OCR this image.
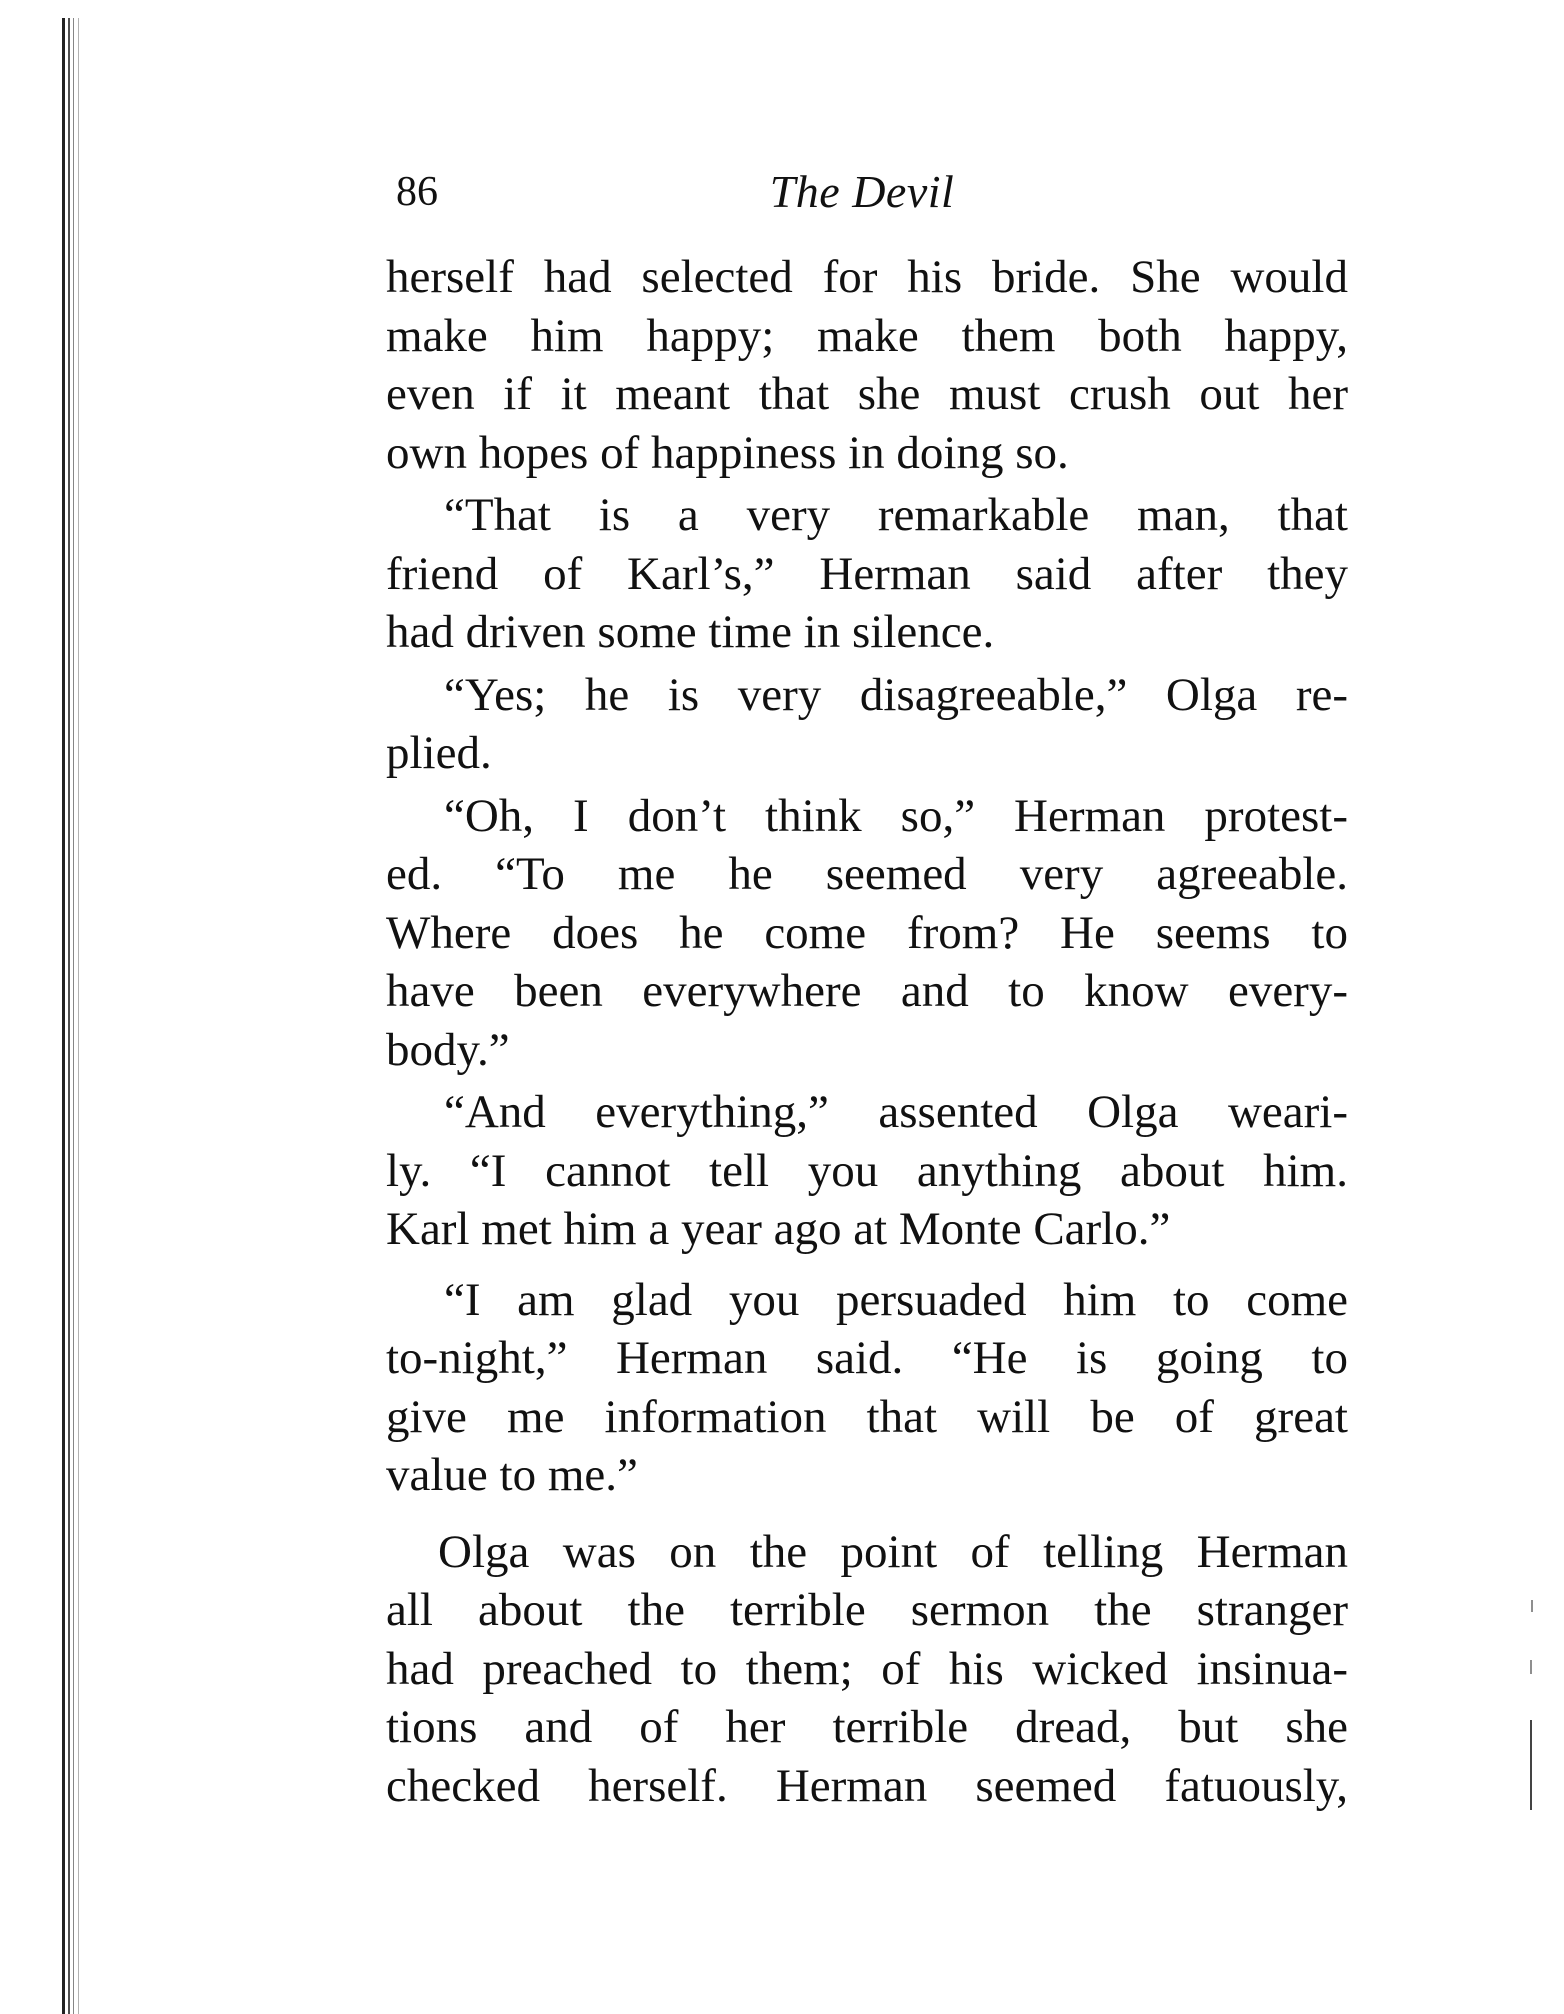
86	The Devil

herself had selected for his bride. She would
make him happy; make them both happy,
even if it meant that she must crush out her
own hopes of happiness in doing so.

“That is a very remarkable man, that

friend of Karl’s,” Herman said after they
had driven some time in silence.

“Yes; he is very disagreeable,” Olga re-

plied.

“Oh, I don’t think so,” Herman protest-

ed. “To me he seemed very agreeable.
Where does he come from? He seems to
have been everywhere and to know every-
body.”

“And everything,” assented Olga weari-

ly. “I cannot tell you anything about him.
Karl met him a year ago at Monte Carlo.”

“I am glad you persuaded him to come

to-night,” Herman said. “He is going to
give me information that will be of great
value to me.”

Olga was on the point of telling Herman

all about the terrible sermon the stranger
had preached to them; of his wicked insinua-
tions and of her terrible dread, but she
checked herself. Herman seemed fatuously,
